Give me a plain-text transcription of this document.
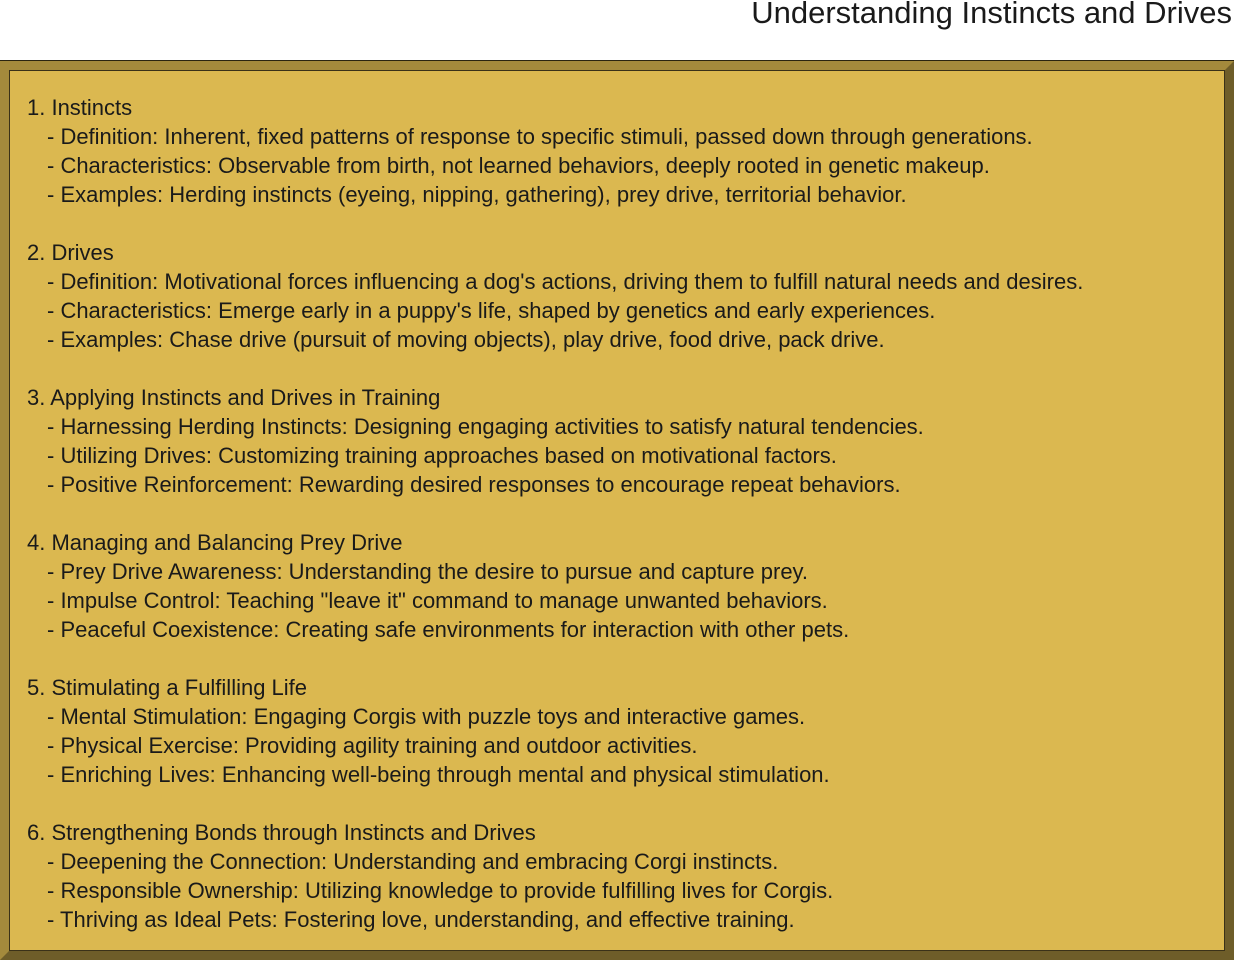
Understanding Instincts and Drives
1. Instincts
- Definition: Inherent, fixed patterns of response to specific stimuli, passed down through generations.
- Characteristics: Observable from birth, not learned behaviors, deeply rooted in genetic makeup.
- Examples: Herding instincts (eyeing, nipping, gathering), prey drive, territorial behavior.
2. Drives
- Definition: Motivational forces influencing a dog's actions, driving them to fulfill natural needs and desires.
- Characteristics: Emerge early in a puppy's life, shaped by genetics and early experiences.
- Examples: Chase drive (pursuit of moving objects), play drive, food drive, pack drive.
3. Applying Instincts and Drives in Training
- Harnessing Herding Instincts: Designing engaging activities to satisfy natural tendencies.
- Utilizing Drives: Customizing training approaches based on motivational factors.
- Positive Reinforcement: Rewarding desired responses to encourage repeat behaviors.
4. Managing and Balancing Prey Drive
- Prey Drive Awareness: Understanding the desire to pursue and capture prey.
- Impulse Control: Teaching "leave it" command to manage unwanted behaviors.
- Peaceful Coexistence: Creating safe environments for interaction with other pets.
5. Stimulating a Fulfilling Life
- Mental Stimulation: Engaging Corgis with puzzle toys and interactive games.
- Physical Exercise: Providing agility training and outdoor activities.
- Enriching Lives: Enhancing well-being through mental and physical stimulation.
6. Strengthening Bonds through Instincts and Drives
- Deepening the Connection: Understanding and embracing Corgi instincts.
- Responsible Ownership: Utilizing knowledge to provide fulfilling lives for Corgis.
- Thriving as Ideal Pets: Fostering love, understanding, and effective training.
